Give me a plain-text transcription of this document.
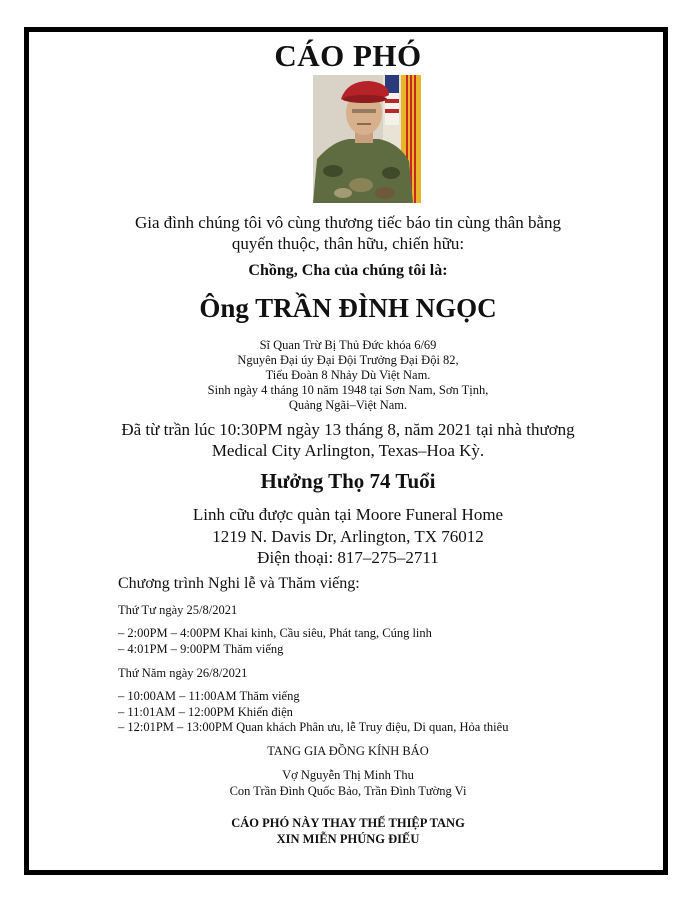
CÁO PHÓ
Gia đình chúng tôi vô cùng thương tiếc báo tin cùng thân bằng
quyến thuộc, thân hữu, chiến hữu:
Chồng, Cha của chúng tôi là:
Ông TRẦN ĐÌNH NGỌC
Sĩ Quan Trừ Bị Thủ Đức khóa 6/69
Nguyên Đại úy Đại Đội Trưởng Đại Đội 82,
Tiểu Đoàn 8 Nhảy Dù Việt Nam.
Sinh ngày 4 tháng 10 năm 1948 tại Sơn Nam, Sơn Tịnh,
Quảng Ngãi–Việt Nam.
Đã từ trần lúc 10:30PM ngày 13 tháng 8, năm 2021 tại nhà thương
Medical City Arlington, Texas–Hoa Kỳ.
Hưởng Thọ 74 Tuổi
Linh cữu được quàn tại Moore Funeral Home
1219 N. Davis Dr, Arlington, TX 76012
Điện thoại: 817–275–2711
Chương trình Nghi lễ và Thăm viếng:
Thứ Tư ngày 25/8/2021
– 2:00PM – 4:00PM Khai kinh, Cầu siêu, Phát tang, Cúng linh
– 4:01PM – 9:00PM Thăm viếng
Thứ Năm ngày 26/8/2021
– 10:00AM – 11:00AM Thăm viếng
– 11:01AM – 12:00PM Khiển điện
– 12:01PM – 13:00PM Quan khách Phân ưu, lễ Truy điệu, Di quan, Hỏa thiêu
TANG GIA ĐỒNG KÍNH BÁO
Vợ Nguyễn Thị Minh Thu
Con Trần Đình Quốc Bảo, Trần Đình Tường Vi
CÁO PHÓ NÀY THAY THẾ THIỆP TANG
XIN MIỄN PHÚNG ĐIẾU
